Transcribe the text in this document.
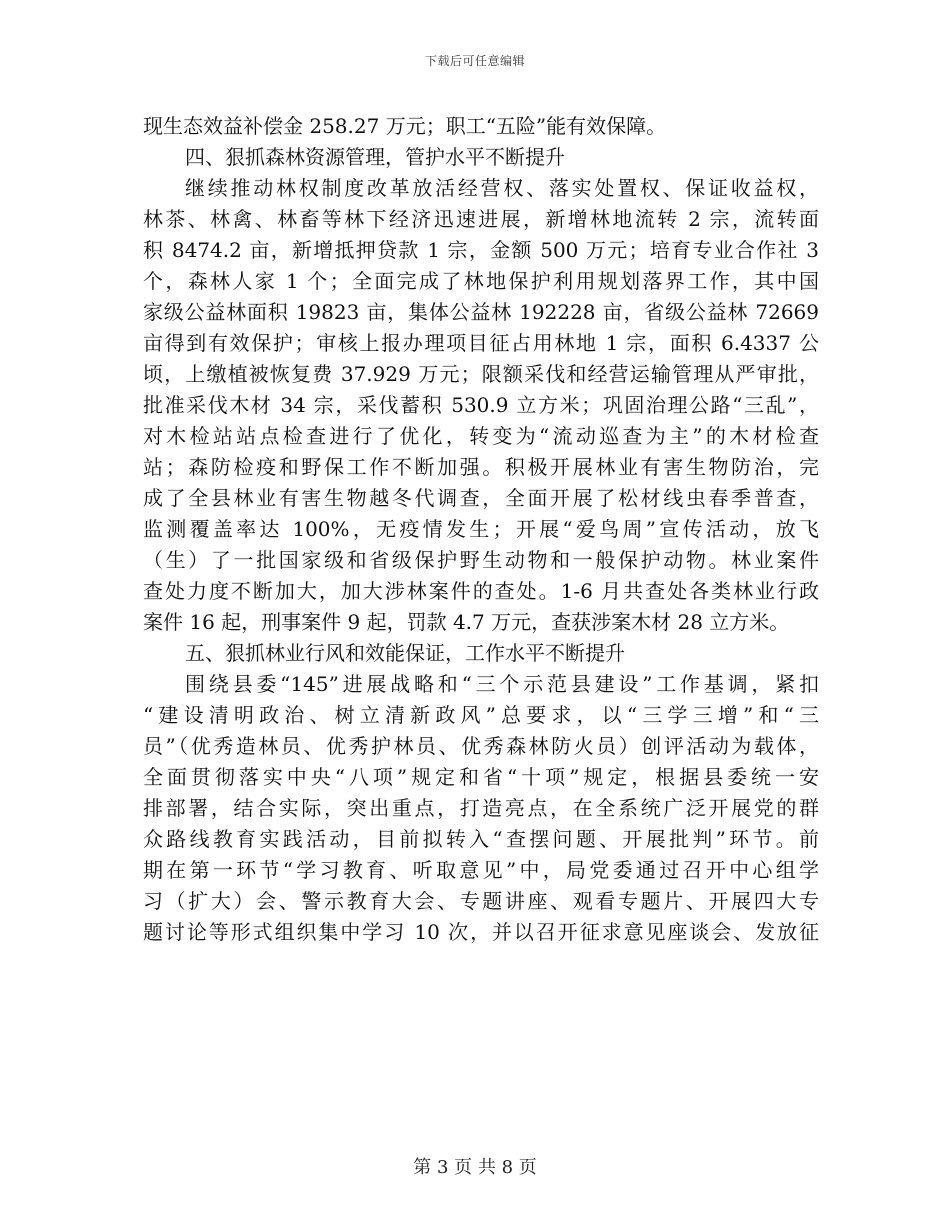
下载后可任意编辑
现生态效益补偿金 258.27 万元；职工“五险”能有效保障。
四、狠抓森林资源管理，管护水平不断提升
继续推动林权制度改革放活经营权、落实处置权、保证收益权，
林茶、林禽、林畜等林下经济迅速进展，新增林地流转 2 宗，流转面
积 8474.2 亩，新增抵押贷款 1 宗，金额 500 万元；培育专业合作社 3
个，森林人家 1 个；全面完成了林地保护利用规划落界工作，其中国
家级公益林面积 19823 亩，集体公益林 192228 亩，省级公益林 72669
亩得到有效保护；审核上报办理项目征占用林地 1 宗，面积 6.4337 公
顷，上缴植被恢复费 37.929 万元；限额采伐和经营运输管理从严审批，
批准采伐木材 34 宗，采伐蓄积 530.9 立方米；巩固治理公路“三乱”，
对木检站站点检查进行了优化，转变为“流动巡查为主”的木材检查
站；森防检疫和野保工作不断加强。积极开展林业有害生物防治，完
成了全县林业有害生物越冬代调查，全面开展了松材线虫春季普查，
监测覆盖率达 100%，无疫情发生；开展“爱鸟周”宣传活动，放飞
（生）了一批国家级和省级保护野生动物和一般保护动物。林业案件
查处力度不断加大，加大涉林案件的查处。1-6 月共查处各类林业行政
案件 16 起，刑事案件 9 起，罚款 4.7 万元，查获涉案木材 28 立方米。
五、狠抓林业行风和效能保证，工作水平不断提升
围绕县委“145”进展战略和“三个示范县建设”工作基调，紧扣
“建设清明政治、树立清新政风”总要求，以“三学三增”和“三
员”（优秀造林员、优秀护林员、优秀森林防火员）创评活动为载体，
全面贯彻落实中央“八项”规定和省“十项”规定，根据县委统一安
排部署，结合实际，突出重点，打造亮点，在全系统广泛开展党的群
众路线教育实践活动，目前拟转入“查摆问题、开展批判”环节。前
期在第一环节“学习教育、听取意见”中，局党委通过召开中心组学
习（扩大）会、警示教育大会、专题讲座、观看专题片、开展四大专
题讨论等形式组织集中学习 10 次，并以召开征求意见座谈会、发放征
第 3 页 共 8 页
